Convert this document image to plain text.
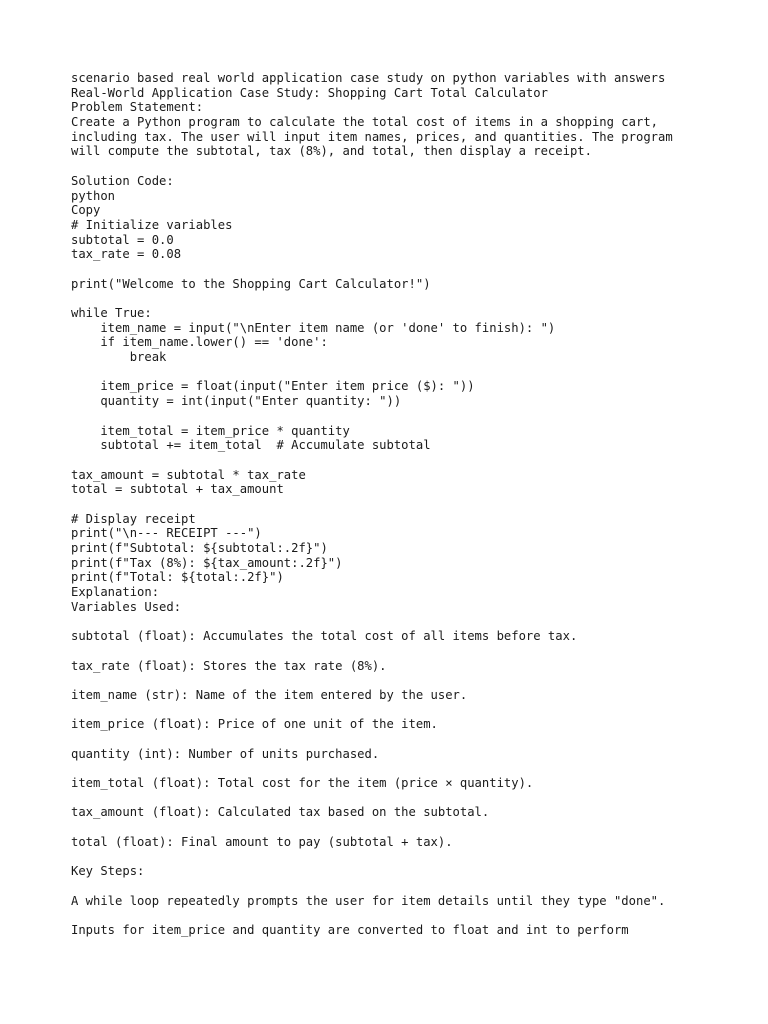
scenario based real world application case study on python variables with answers
Real-World Application Case Study: Shopping Cart Total Calculator
Problem Statement:
Create a Python program to calculate the total cost of items in a shopping cart,
including tax. The user will input item names, prices, and quantities. The program
will compute the subtotal, tax (8%), and total, then display a receipt.
Solution Code:
python
Copy
# Initialize variables
subtotal = 0.0
tax_rate = 0.08
print("Welcome to the Shopping Cart Calculator!")
while True:
item_name = input("\nEnter item name (or 'done' to finish): ")
if item_name.lower() == 'done':
break
item_price = float(input("Enter item price ($): "))
quantity = int(input("Enter quantity: "))
item_total = item_price * quantity
subtotal += item_total  # Accumulate subtotal
tax_amount = subtotal * tax_rate
total = subtotal + tax_amount
# Display receipt
print("\n--- RECEIPT ---")
print(f"Subtotal: ${subtotal:.2f}")
print(f"Tax (8%): ${tax_amount:.2f}")
print(f"Total: ${total:.2f}")
Explanation:
Variables Used:
subtotal (float): Accumulates the total cost of all items before tax.
tax_rate (float): Stores the tax rate (8%).
item_name (str): Name of the item entered by the user.
item_price (float): Price of one unit of the item.
quantity (int): Number of units purchased.
item_total (float): Total cost for the item (price × quantity).
tax_amount (float): Calculated tax based on the subtotal.
total (float): Final amount to pay (subtotal + tax).
Key Steps:
A while loop repeatedly prompts the user for item details until they type "done".
Inputs for item_price and quantity are converted to float and int to perform
